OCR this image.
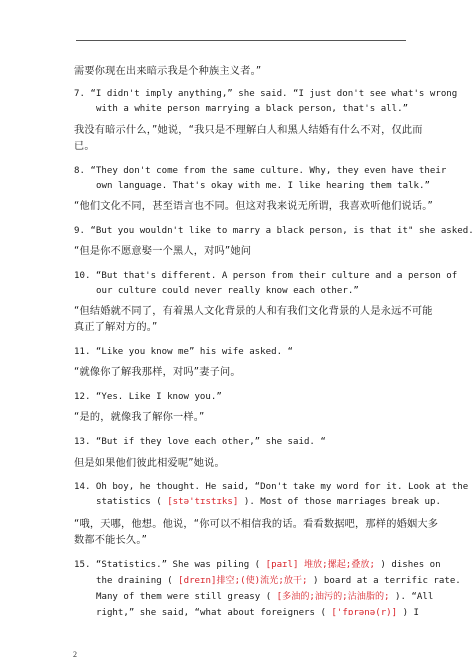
需要你现在出来暗示我是个种族主义者。”
7. “I didn't imply anything,” she said. “I just don't see what's wrong
with a white person marrying a black person, that's all.”
我没有暗示什么，”她说，“我只是不理解白人和黑人结婚有什么不对，仅此而
已。
8. “They don't come from the same culture. Why, they even have their
own language. That's okay with me. I like hearing them talk.”
“他们文化不同，甚至语言也不同。但这对我来说无所谓，我喜欢听他们说话。”
9. “But you wouldn't like to marry a black person, is that it" she asked.
“但是你不愿意娶一个黑人，对吗”她问
10. “But that's different. A person from their culture and a person of
our culture could never really know each other.”
“但结婚就不同了，有着黑人文化背景的人和有我们文化背景的人是永远不可能
真正了解对方的。”
11. “Like you know me” his wife asked. “
“就像你了解我那样，对吗”妻子问。
12. “Yes. Like I know you.”
“是的，就像我了解你一样。”
13. “But if they love each other,” she said. “
但是如果他们彼此相爱呢”她说。
14. Oh boy, he thought. He said, “Don't take my word for it. Look at the
statistics ( [stə'tɪstɪks] ). Most of those marriages break up.
“哦，天哪，他想。他说，“你可以不相信我的话。看看数据吧，那样的婚姻大多
数都不能长久。”
15. “Statistics.” She was piling ( [paɪl] 堆放;摞起;叠放; ) dishes on
the draining ( [dreɪn]排空;(使)流光;放干; ) board at a terrific rate.
Many of them were still greasy ( [多油的;油污的;沾油脂的; ). “All
right,” she said, “what about foreigners ( ['fɒrənə(r)] ) I
2
